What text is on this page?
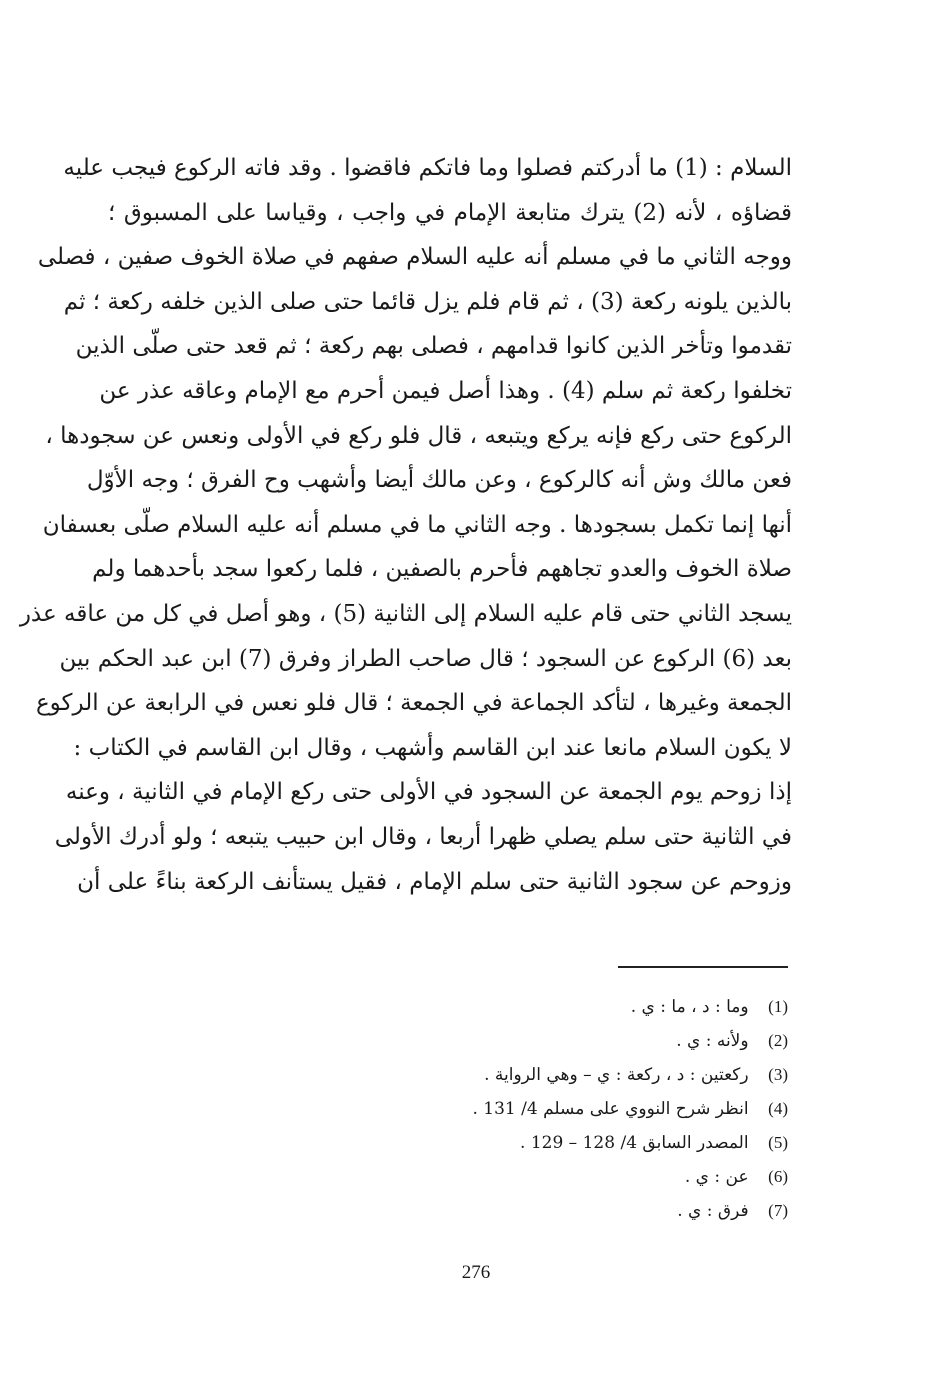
السلام : (1) ما أدركتم فصلوا وما فاتكم فاقضوا . وقد فاته الركوع فيجب عليه
قضاؤه ، لأنه (2) يترك متابعة الإمام في واجب ، وقياسا على المسبوق ؛
ووجه الثاني ما في مسلم أنه عليه السلام صفهم في صلاة الخوف صفين ، فصلى
بالذين يلونه ركعة (3) ، ثم قام فلم يزل قائما حتى صلى الذين خلفه ركعة ؛ ثم
تقدموا وتأخر الذين كانوا قدامهم ، فصلى بهم ركعة ؛ ثم قعد حتى صلّى الذين
تخلفوا ركعة ثم سلم (4) . وهذا أصل فيمن أحرم مع الإمام وعاقه عذر عن
الركوع حتى ركع فإنه يركع ويتبعه ، قال فلو ركع في الأولى ونعس عن سجودها ،
فعن مالك وش أنه كالركوع ، وعن مالك أيضا وأشهب وح الفرق ؛ وجه الأوّل
أنها إنما تكمل بسجودها . وجه الثاني ما في مسلم أنه عليه السلام صلّى بعسفان
صلاة الخوف والعدو تجاههم فأحرم بالصفين ، فلما ركعوا سجد بأحدهما ولم
يسجد الثاني حتى قام عليه السلام إلى الثانية (5) ، وهو أصل في كل من عاقه عذر
بعد (6) الركوع عن السجود ؛ قال صاحب الطراز وفرق (7) ابن عبد الحكم بين
الجمعة وغيرها ، لتأكد الجماعة في الجمعة ؛ قال فلو نعس في الرابعة عن الركوع
لا يكون السلام مانعا عند ابن القاسم وأشهب ، وقال ابن القاسم في الكتاب :
إذا زوحم يوم الجمعة عن السجود في الأولى حتى ركع الإمام في الثانية ، وعنه
في الثانية حتى سلم يصلي ظهرا أربعا ، وقال ابن حبيب يتبعه ؛ ولو أدرك الأولى
وزوحم عن سجود الثانية حتى سلم الإمام ، فقيل يستأنف الركعة بناءً على أن
(1) وما : د ، ما : ي .
(2) ولأنه : ي .
(3) ركعتين : د ، ركعة : ي – وهي الرواية .
(4) انظر شرح النووي على مسلم 4/ 131 .
(5) المصدر السابق 4/ 128 – 129 .
(6) عن : ي .
(7) فرق : ي .
276
